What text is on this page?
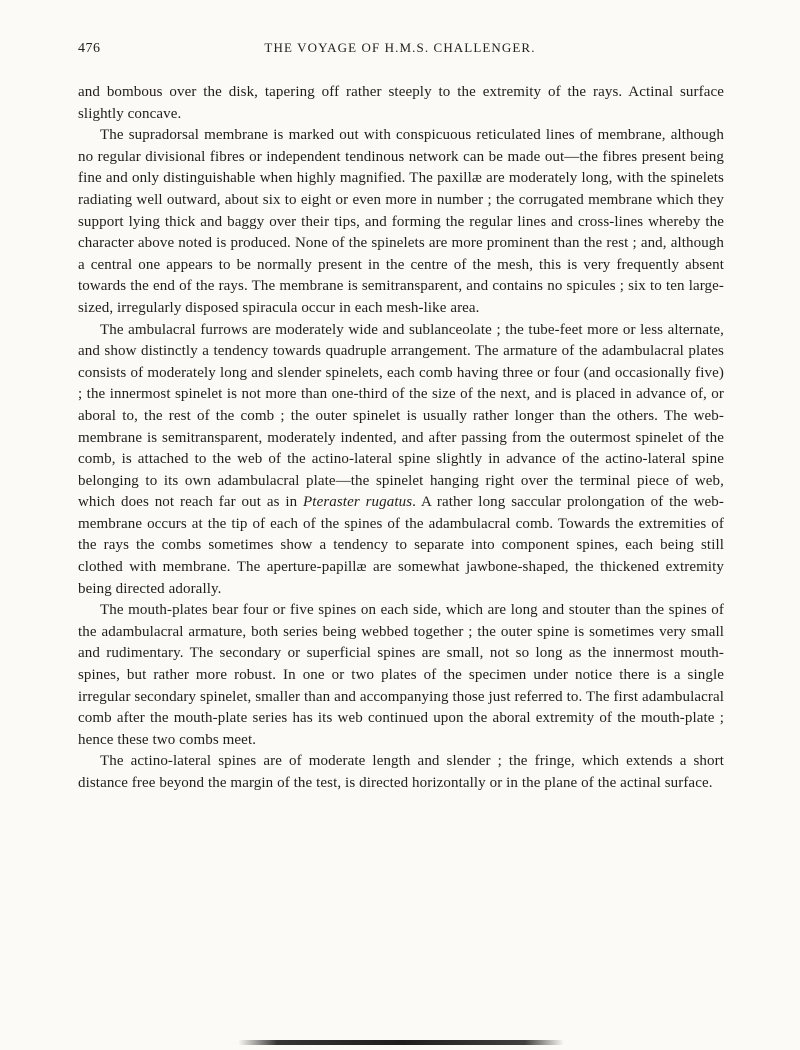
476	THE VOYAGE OF H.M.S. CHALLENGER.

and bombous over the disk, tapering off rather steeply to the extremity of the rays. Actinal surface slightly concave.

The supradorsal membrane is marked out with conspicuous reticulated lines of membrane, although no regular divisional fibres or independent tendinous network can be made out—the fibres present being fine and only distinguishable when highly magnified. The paxillæ are moderately long, with the spinelets radiating well outward, about six to eight or even more in number ; the corrugated membrane which they support lying thick and baggy over their tips, and forming the regular lines and cross-lines whereby the character above noted is produced. None of the spinelets are more prominent than the rest ; and, although a central one appears to be normally present in the centre of the mesh, this is very frequently absent towards the end of the rays. The membrane is semitransparent, and contains no spicules ; six to ten large-sized, irregularly disposed spiracula occur in each mesh-like area.

The ambulacral furrows are moderately wide and sublanceolate ; the tube-feet more or less alternate, and show distinctly a tendency towards quadruple arrangement. The armature of the adambulacral plates consists of moderately long and slender spinelets, each comb having three or four (and occasionally five) ; the innermost spinelet is not more than one-third of the size of the next, and is placed in advance of, or aboral to, the rest of the comb ; the outer spinelet is usually rather longer than the others. The web-membrane is semitransparent, moderately indented, and after passing from the outermost spinelet of the comb, is attached to the web of the actino-lateral spine slightly in advance of the actino-lateral spine belonging to its own adambulacral plate—the spinelet hanging right over the terminal piece of web, which does not reach far out as in Pteraster rugatus. A rather long saccular prolongation of the web-membrane occurs at the tip of each of the spines of the adambulacral comb. Towards the extremities of the rays the combs sometimes show a tendency to separate into component spines, each being still clothed with membrane. The aperture-papillæ are somewhat jawbone-shaped, the thickened extremity being directed adorally.

The mouth-plates bear four or five spines on each side, which are long and stouter than the spines of the adambulacral armature, both series being webbed together ; the outer spine is sometimes very small and rudimentary. The secondary or superficial spines are small, not so long as the innermost mouth-spines, but rather more robust. In one or two plates of the specimen under notice there is a single irregular secondary spinelet, smaller than and accompanying those just referred to. The first adambulacral comb after the mouth-plate series has its web continued upon the aboral extremity of the mouth-plate ; hence these two combs meet.

The actino-lateral spines are of moderate length and slender ; the fringe, which extends a short distance free beyond the margin of the test, is directed horizontally or in the plane of the actinal surface.
